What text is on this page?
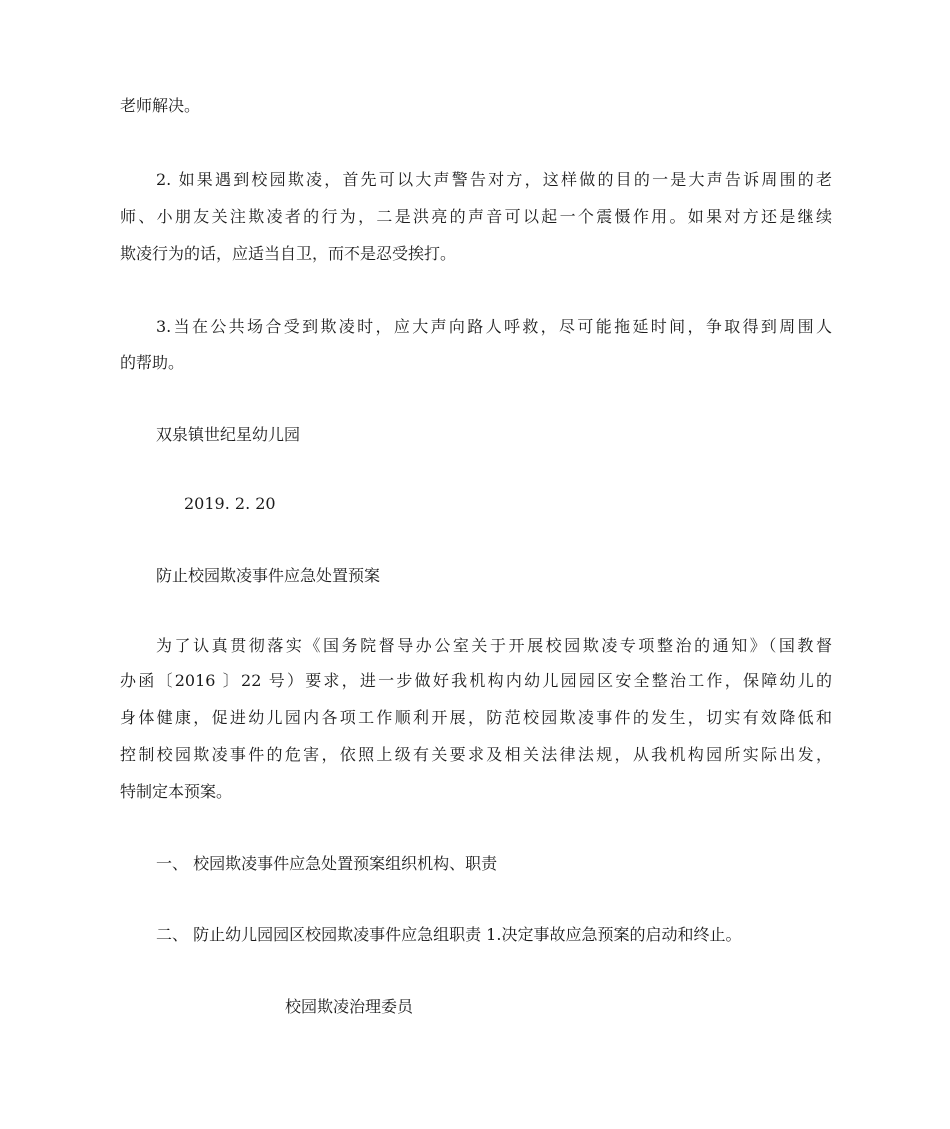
老师解决。
2. 如果遇到校园欺凌，首先可以大声警告对方，这样做的目的一是大声告诉周围的老
师、小朋友关注欺凌者的行为，二是洪亮的声音可以起一个震慑作用。如果对方还是继续
欺凌行为的话，应适当自卫，而不是忍受挨打。
3.当在公共场合受到欺凌时，应大声向路人呼救，尽可能拖延时间，争取得到周围人
的帮助。
双泉镇世纪星幼儿园
2019. 2. 20
防止校园欺凌事件应急处置预案
为了认真贯彻落实《国务院督导办公室关于开展校园欺凌专项整治的通知》（国教督
办函〔2016 〕22 号）要求，进一步做好我机构内幼儿园园区安全整治工作，保障幼儿的
身体健康，促进幼儿园内各项工作顺利开展，防范校园欺凌事件的发生，切实有效降低和
控制校园欺凌事件的危害，依照上级有关要求及相关法律法规，从我机构园所实际出发，
特制定本预案。
一、 校园欺凌事件应急处置预案组织机构、职责
二、 防止幼儿园园区校园欺凌事件应急组职责 1.决定事故应急预案的启动和终止。
校园欺凌治理委员
